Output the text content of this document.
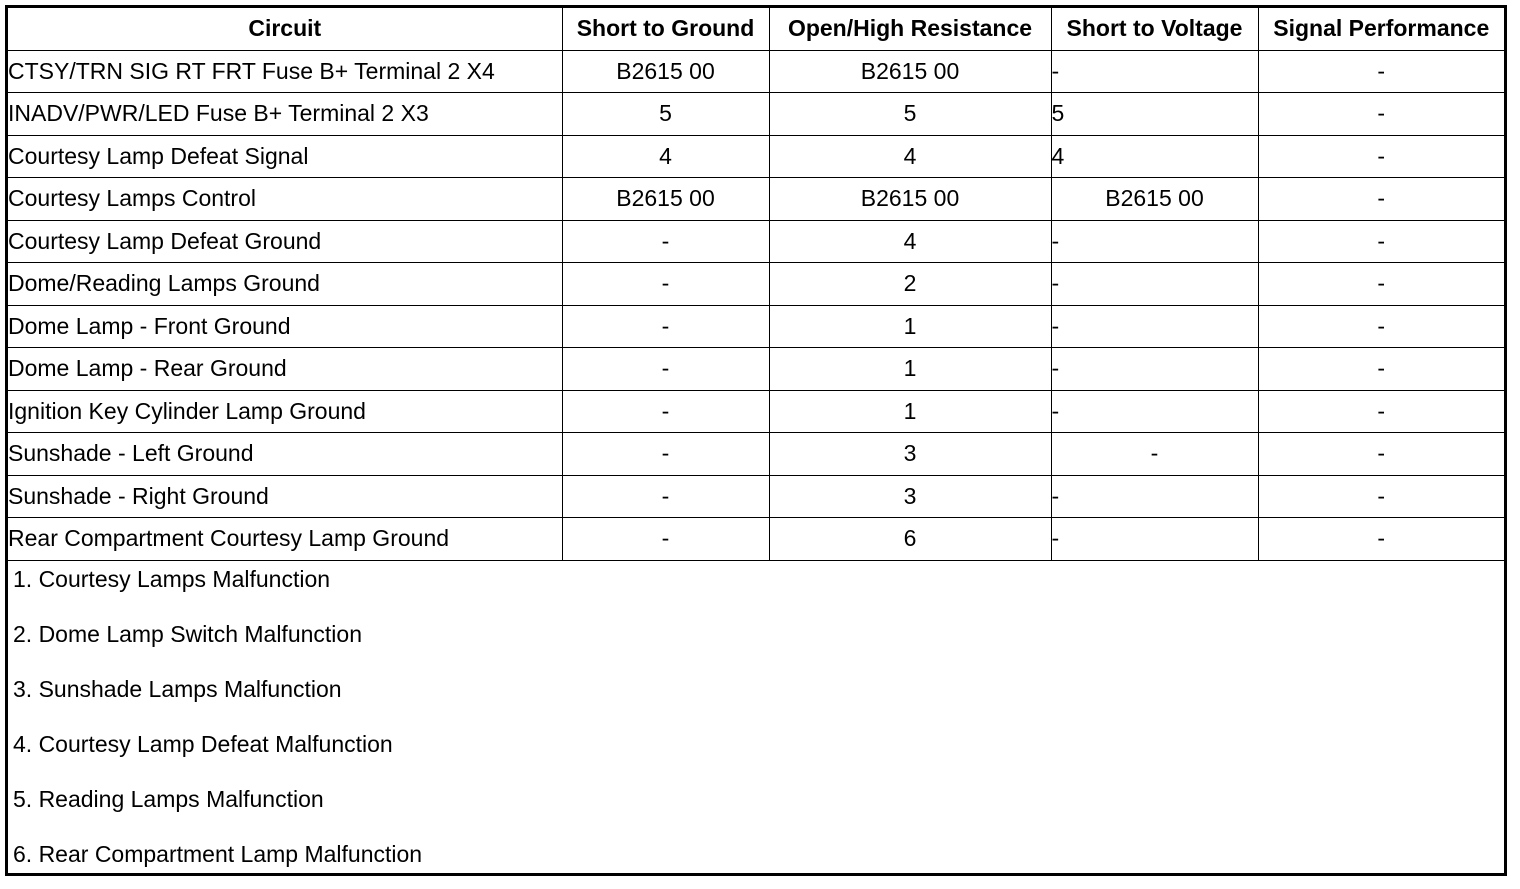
Circuit	Short to Ground	Open/High Resistance	Short to Voltage	Signal Performance
CTSY/TRN SIG RT FRT Fuse B+ Terminal 2 X4	B2615 00	B2615 00	-	-
INADV/PWR/LED Fuse B+ Terminal 2 X3	5	5	5	-
Courtesy Lamp Defeat Signal	4	4	4	-
Courtesy Lamps Control	B2615 00	B2615 00	B2615 00	-
Courtesy Lamp Defeat Ground	-	4	-	-
Dome/Reading Lamps Ground	-	2	-	-
Dome Lamp - Front Ground	-	1	-	-
Dome Lamp - Rear Ground	-	1	-	-
Ignition Key Cylinder Lamp Ground	-	1	-	-
Sunshade - Left Ground	-	3	-	-
Sunshade - Right Ground	-	3	-	-
Rear Compartment Courtesy Lamp Ground	-	6	-	-
1. Courtesy Lamps Malfunction
2. Dome Lamp Switch Malfunction
3. Sunshade Lamps Malfunction
4. Courtesy Lamp Defeat Malfunction
5. Reading Lamps Malfunction
6. Rear Compartment Lamp Malfunction
